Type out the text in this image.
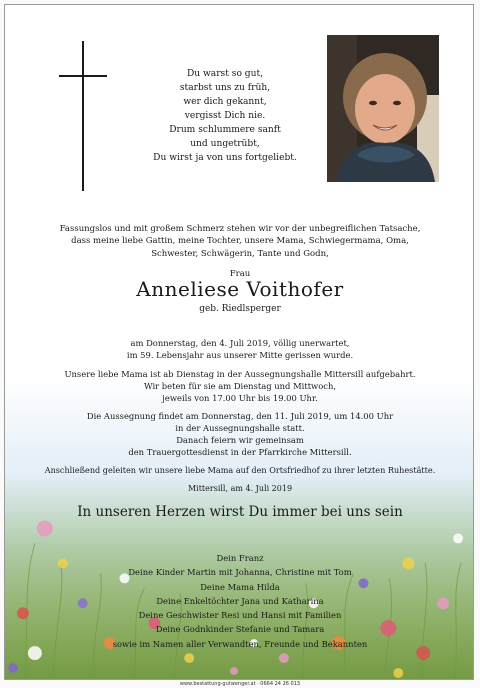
Du warst so gut,
starbst uns zu früh,
wer dich gekannt,
vergisst Dich nie.
Drum schlummere sanft
und ungetrübt,
Du wirst ja von uns fortgeliebt.
Fassungslos und mit großem Schmerz stehen wir vor der unbegreiflichen Tatsache,
dass meine liebe Gattin, meine Tochter, unsere Mama, Schwiegermama, Oma,
Schwester, Schwägerin, Tante und Godn,
Frau
Anneliese Voithofer
geb. Riedlsperger
am Donnerstag, den 4. Juli 2019, völlig unerwartet,
im 59. Lebensjahr aus unserer Mitte gerissen wurde.
Unsere liebe Mama ist ab Dienstag in der Aussegnungshalle Mittersill aufgebahrt.
Wir beten für sie am Dienstag und Mittwoch,
jeweils von 17.00 Uhr bis 19.00 Uhr.
Die Aussegnung findet am Donnerstag, den 11. Juli 2019, um 14.00 Uhr
in der Aussegnungshalle statt.
Danach feiern wir gemeinsam
den Trauergottesdienst in der Pfarrkirche Mittersill.
Anschließend geleiten wir unsere liebe Mama auf den Ortsfriedhof zu ihrer letzten Ruhestätte.
Mittersill, am 4. Juli 2019
In unseren Herzen wirst Du immer bei uns sein
Dein Franz
Deine Kinder Martin mit Johanna, Christine mit Tom
Deine Mama Hilda
Deine Enkeltöchter Jana und Katharina
Deine Geschwister Resi und Hansi mit Familien
Deine Godnkinder Stefanie und Tamara
sowie im Namen aller Verwandten, Freunde und Bekannten
www.bestattung-gutwenger.at · 0664 24 26 013
